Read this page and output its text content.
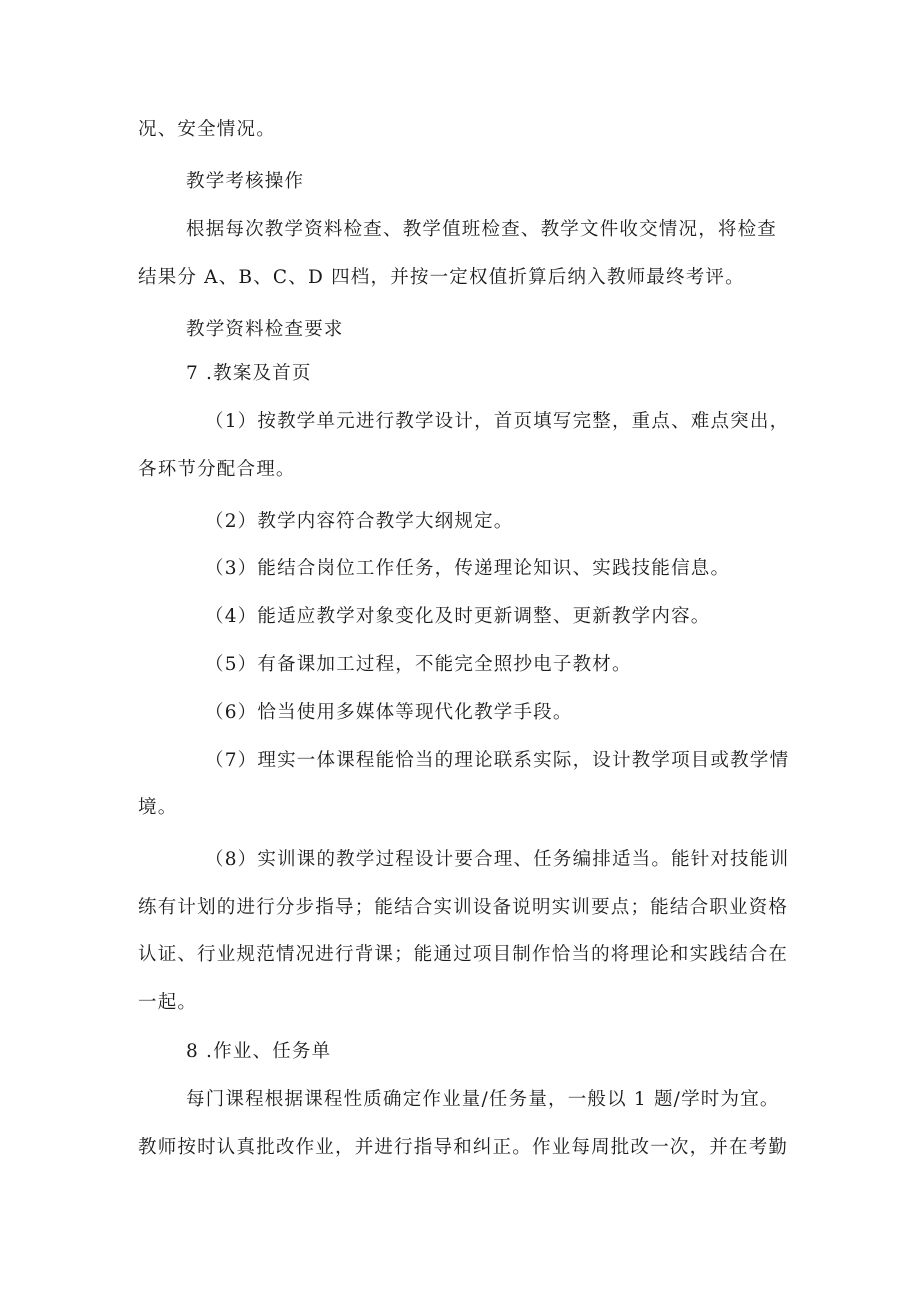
况、安全情况。
教学考核操作
根据每次教学资料检查、教学值班检查、教学文件收交情况，将检查
结果分 A、B、C、D 四档，并按一定权值折算后纳入教师最终考评。
教学资料检查要求
7 .教案及首页
（1）按教学单元进行教学设计，首页填写完整，重点、难点突出，
各环节分配合理。
（2）教学内容符合教学大纲规定。
（3）能结合岗位工作任务，传递理论知识、实践技能信息。
（4）能适应教学对象变化及时更新调整、更新教学内容。
（5）有备课加工过程，不能完全照抄电子教材。
（6）恰当使用多媒体等现代化教学手段。
（7）理实一体课程能恰当的理论联系实际，设计教学项目或教学情
境。
（8）实训课的教学过程设计要合理、任务编排适当。能针对技能训
练有计划的进行分步指导；能结合实训设备说明实训要点；能结合职业资格
认证、行业规范情况进行背课；能通过项目制作恰当的将理论和实践结合在
一起。
8 .作业、任务单
每门课程根据课程性质确定作业量/任务量，一般以 1 题/学时为宜。
教师按时认真批改作业，并进行指导和纠正。作业每周批改一次，并在考勤
